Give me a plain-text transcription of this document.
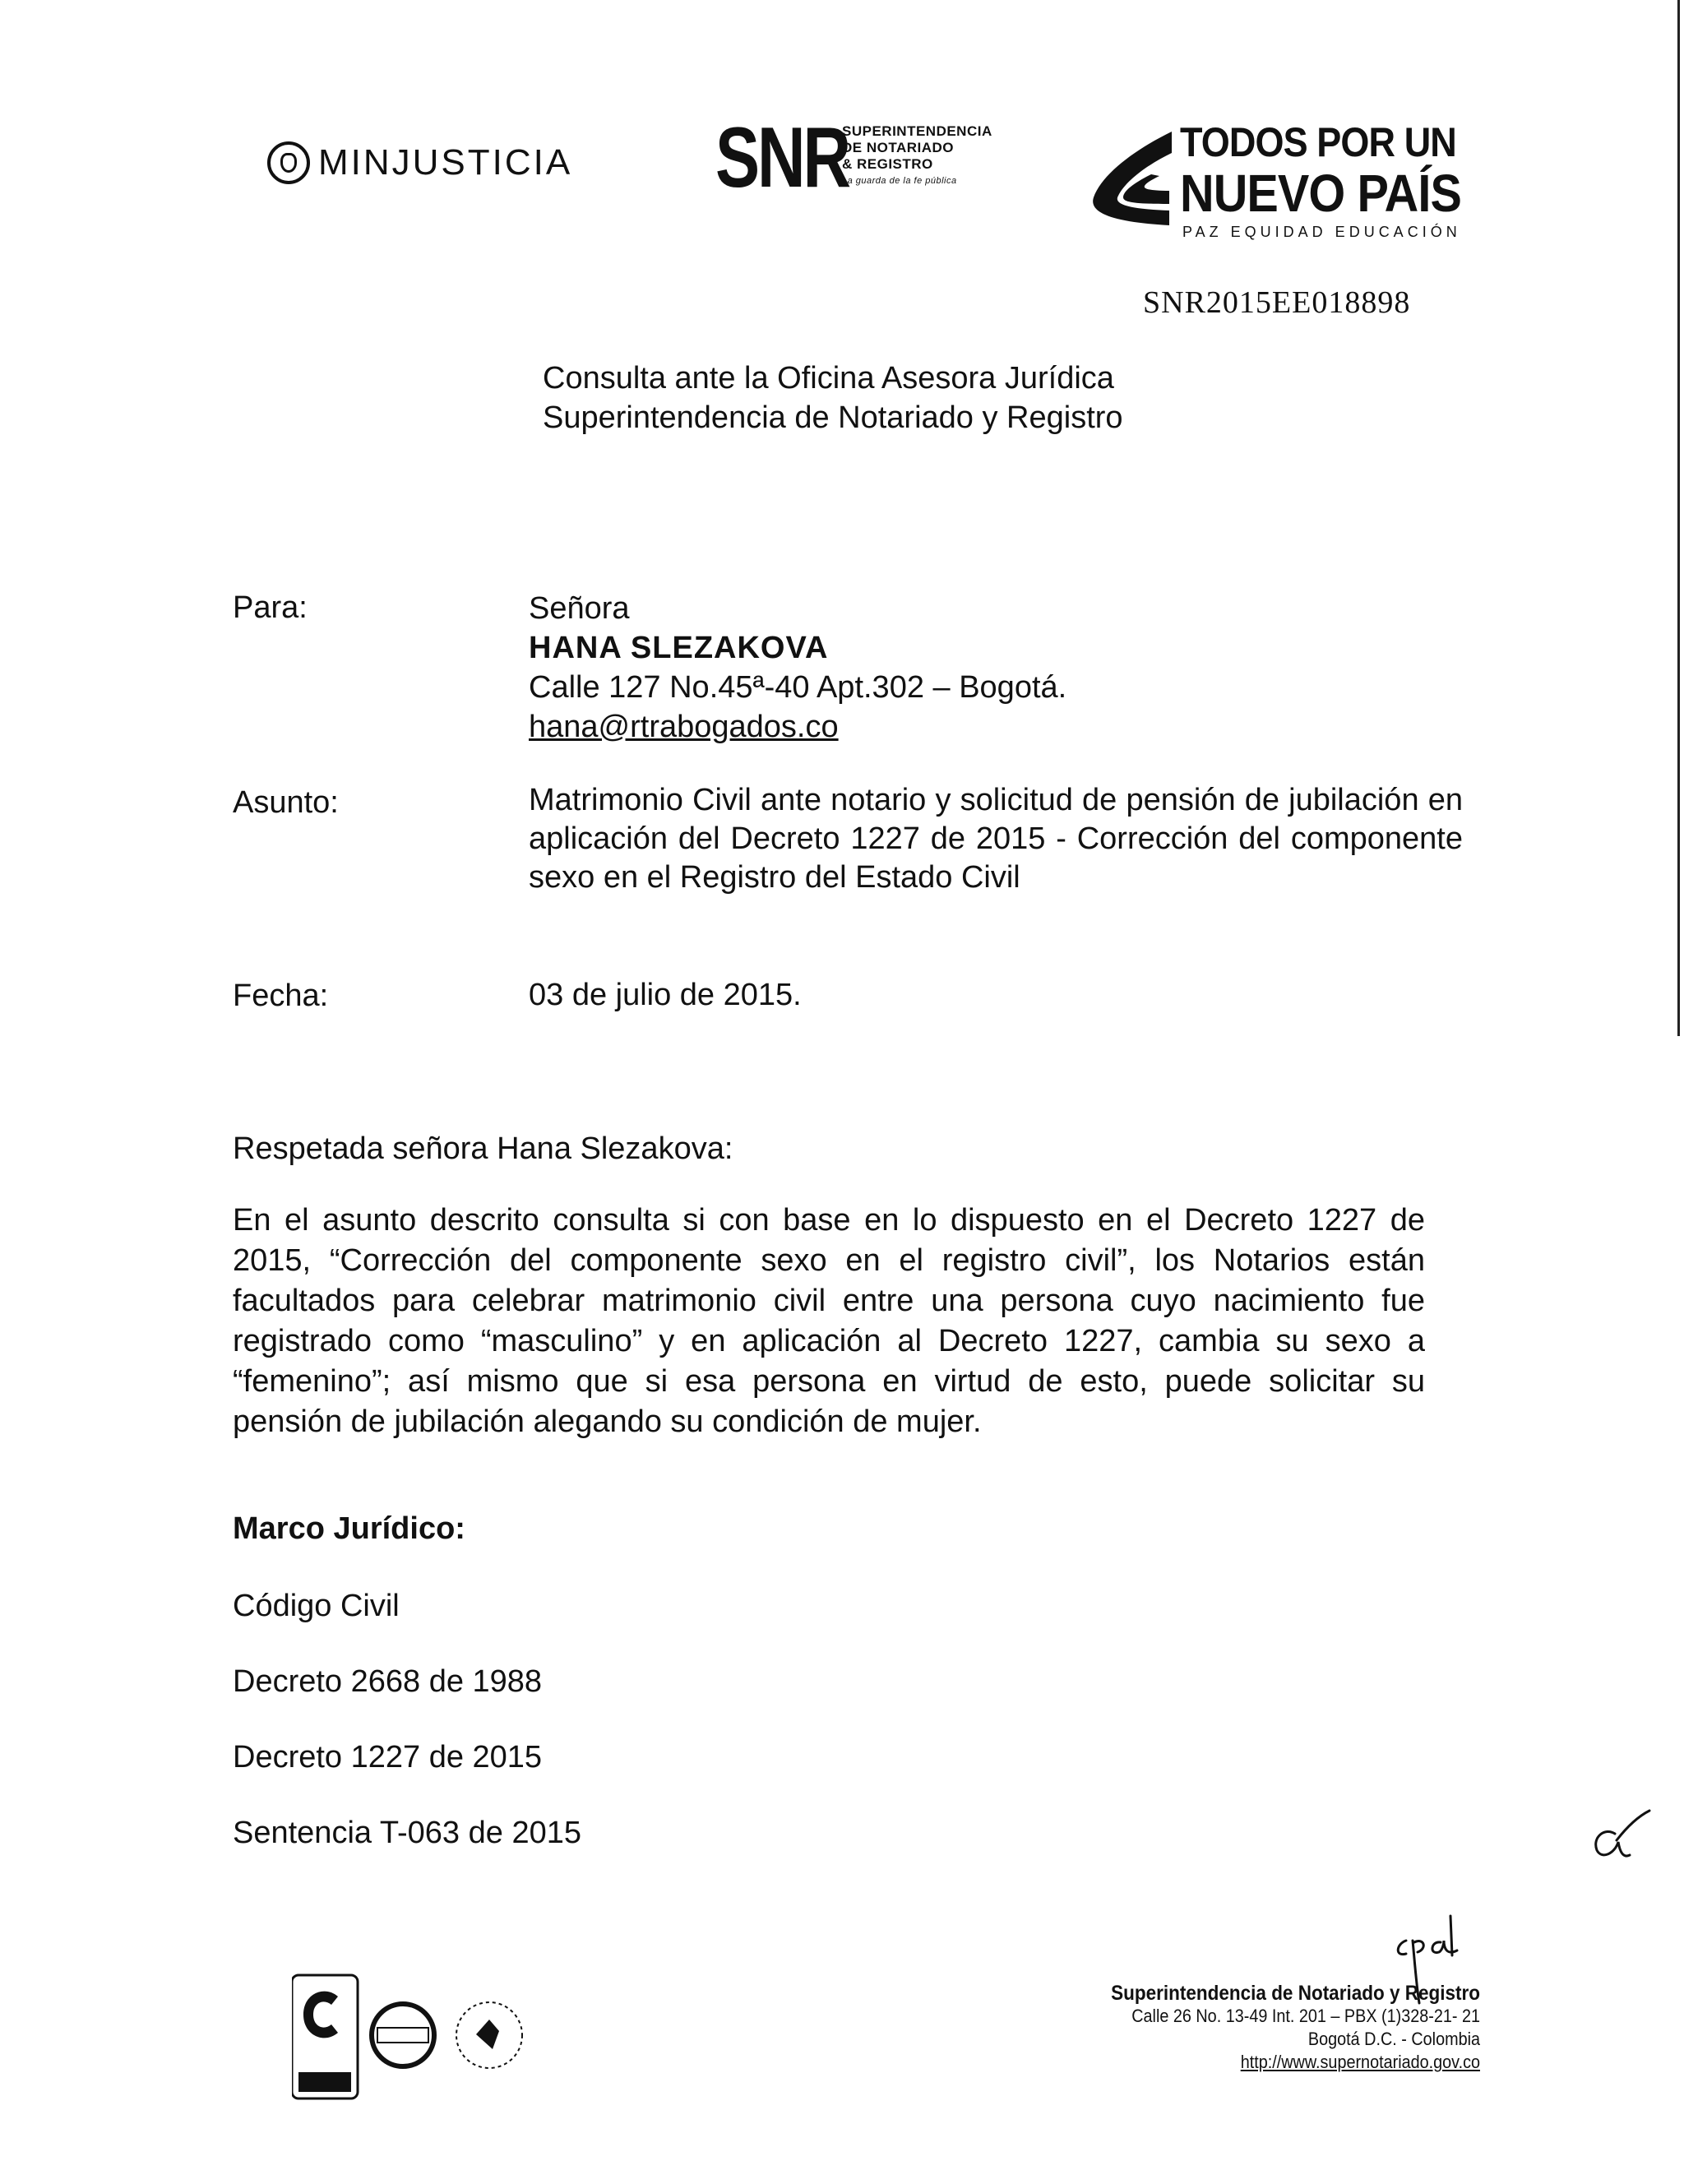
MINJUSTICIA SNR
SUPERINTENDENCIA
DE NOTARIADO
& REGISTRO
La guarda de la fe pública
TODOS POR UN
NUEVO PAÍS
PAZ EQUIDAD EDUCACIÓN
SNR2015EE018898
Consulta ante la Oficina Asesora Jurídica
Superintendencia de Notariado y Registro
Para:	Señora
HANA SLEZAKOVA
Calle 127 No.45ª-40 Apt.302 – Bogotá.
hana@rtrabogados.co
Asunto:	Matrimonio Civil ante notario y solicitud de pensión de jubilación en aplicación del Decreto 1227 de 2015 - Corrección del componente sexo en el Registro del Estado Civil
Fecha:	03 de julio de 2015.
Respetada señora Hana Slezakova:
En el asunto descrito consulta si con base en lo dispuesto en el Decreto 1227 de 2015, “Corrección del componente sexo en el registro civil”, los Notarios están facultados para celebrar matrimonio civil entre una persona cuyo nacimiento fue registrado como “masculino” y en aplicación al Decreto 1227, cambia su sexo a “femenino”; así mismo que si esa persona en virtud de esto, puede solicitar su pensión de jubilación alegando su condición de mujer.
Marco Jurídico:
Código Civil
Decreto 2668 de 1988
Decreto 1227 de 2015
Sentencia T-063 de 2015
Superintendencia de Notariado y Registro
Calle 26 No. 13-49 Int. 201 – PBX (1)328-21- 21
Bogotá D.C. - Colombia
http://www.supernotariado.gov.co
